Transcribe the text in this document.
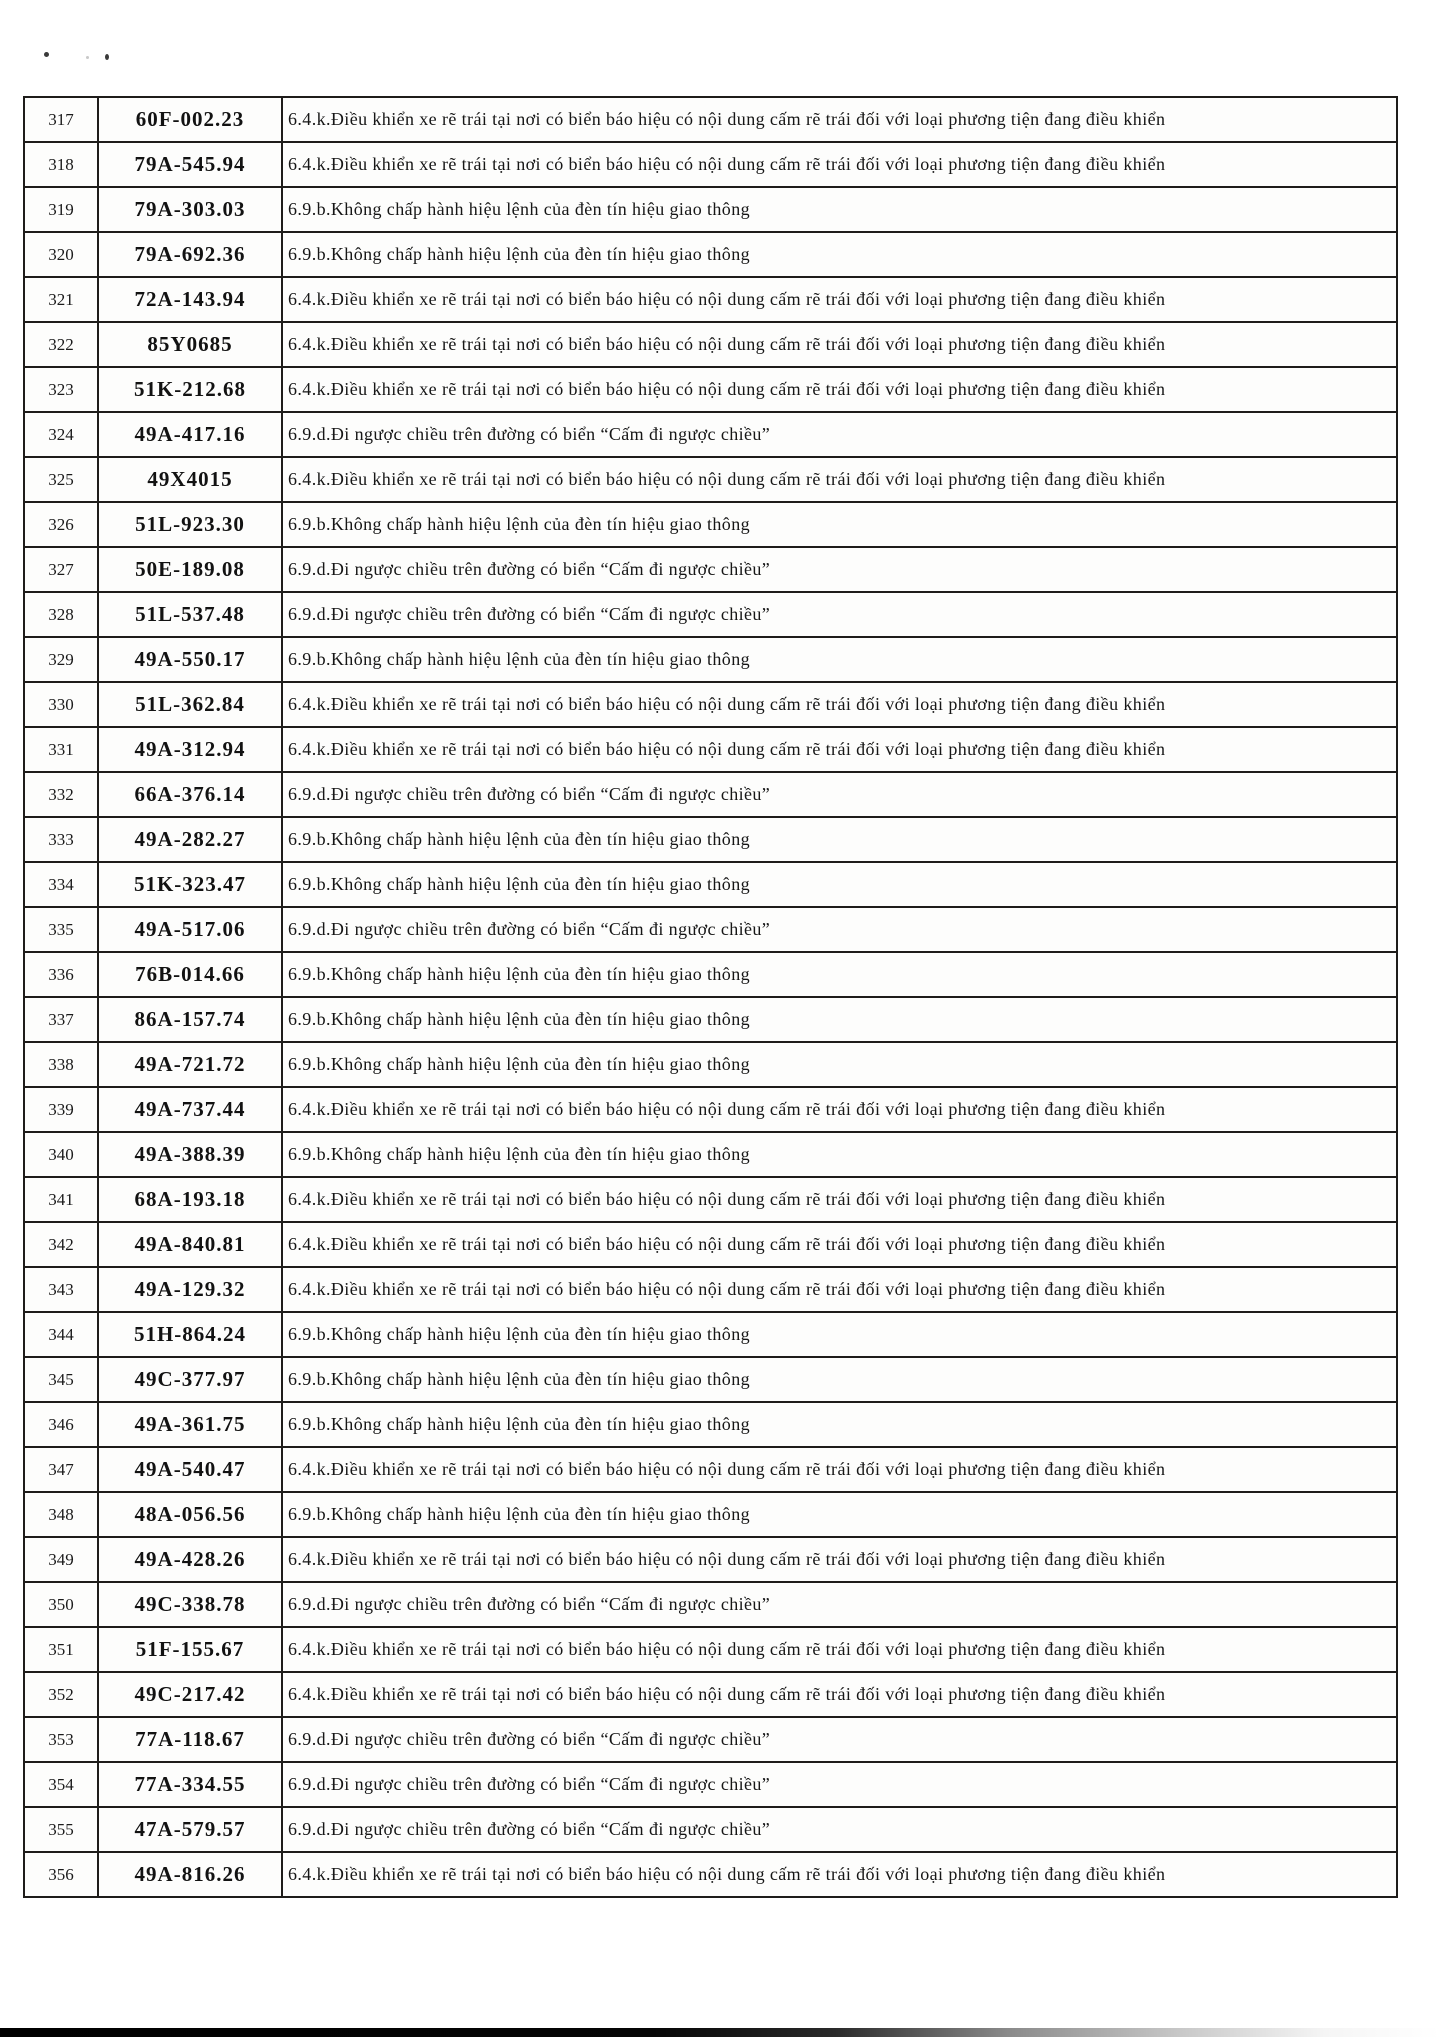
317	60F-002.23	6.4.k.Điều khiển xe rẽ trái tại nơi có biển báo hiệu có nội dung cấm rẽ trái đối với loại phương tiện đang điều khiển
318	79A-545.94	6.4.k.Điều khiển xe rẽ trái tại nơi có biển báo hiệu có nội dung cấm rẽ trái đối với loại phương tiện đang điều khiển
319	79A-303.03	6.9.b.Không chấp hành hiệu lệnh của đèn tín hiệu giao thông
320	79A-692.36	6.9.b.Không chấp hành hiệu lệnh của đèn tín hiệu giao thông
321	72A-143.94	6.4.k.Điều khiển xe rẽ trái tại nơi có biển báo hiệu có nội dung cấm rẽ trái đối với loại phương tiện đang điều khiển
322	85Y0685	6.4.k.Điều khiển xe rẽ trái tại nơi có biển báo hiệu có nội dung cấm rẽ trái đối với loại phương tiện đang điều khiển
323	51K-212.68	6.4.k.Điều khiển xe rẽ trái tại nơi có biển báo hiệu có nội dung cấm rẽ trái đối với loại phương tiện đang điều khiển
324	49A-417.16	6.9.d.Đi ngược chiều trên đường có biển “Cấm đi ngược chiều”
325	49X4015	6.4.k.Điều khiển xe rẽ trái tại nơi có biển báo hiệu có nội dung cấm rẽ trái đối với loại phương tiện đang điều khiển
326	51L-923.30	6.9.b.Không chấp hành hiệu lệnh của đèn tín hiệu giao thông
327	50E-189.08	6.9.d.Đi ngược chiều trên đường có biển “Cấm đi ngược chiều”
328	51L-537.48	6.9.d.Đi ngược chiều trên đường có biển “Cấm đi ngược chiều”
329	49A-550.17	6.9.b.Không chấp hành hiệu lệnh của đèn tín hiệu giao thông
330	51L-362.84	6.4.k.Điều khiển xe rẽ trái tại nơi có biển báo hiệu có nội dung cấm rẽ trái đối với loại phương tiện đang điều khiển
331	49A-312.94	6.4.k.Điều khiển xe rẽ trái tại nơi có biển báo hiệu có nội dung cấm rẽ trái đối với loại phương tiện đang điều khiển
332	66A-376.14	6.9.d.Đi ngược chiều trên đường có biển “Cấm đi ngược chiều”
333	49A-282.27	6.9.b.Không chấp hành hiệu lệnh của đèn tín hiệu giao thông
334	51K-323.47	6.9.b.Không chấp hành hiệu lệnh của đèn tín hiệu giao thông
335	49A-517.06	6.9.d.Đi ngược chiều trên đường có biển “Cấm đi ngược chiều”
336	76B-014.66	6.9.b.Không chấp hành hiệu lệnh của đèn tín hiệu giao thông
337	86A-157.74	6.9.b.Không chấp hành hiệu lệnh của đèn tín hiệu giao thông
338	49A-721.72	6.9.b.Không chấp hành hiệu lệnh của đèn tín hiệu giao thông
339	49A-737.44	6.4.k.Điều khiển xe rẽ trái tại nơi có biển báo hiệu có nội dung cấm rẽ trái đối với loại phương tiện đang điều khiển
340	49A-388.39	6.9.b.Không chấp hành hiệu lệnh của đèn tín hiệu giao thông
341	68A-193.18	6.4.k.Điều khiển xe rẽ trái tại nơi có biển báo hiệu có nội dung cấm rẽ trái đối với loại phương tiện đang điều khiển
342	49A-840.81	6.4.k.Điều khiển xe rẽ trái tại nơi có biển báo hiệu có nội dung cấm rẽ trái đối với loại phương tiện đang điều khiển
343	49A-129.32	6.4.k.Điều khiển xe rẽ trái tại nơi có biển báo hiệu có nội dung cấm rẽ trái đối với loại phương tiện đang điều khiển
344	51H-864.24	6.9.b.Không chấp hành hiệu lệnh của đèn tín hiệu giao thông
345	49C-377.97	6.9.b.Không chấp hành hiệu lệnh của đèn tín hiệu giao thông
346	49A-361.75	6.9.b.Không chấp hành hiệu lệnh của đèn tín hiệu giao thông
347	49A-540.47	6.4.k.Điều khiển xe rẽ trái tại nơi có biển báo hiệu có nội dung cấm rẽ trái đối với loại phương tiện đang điều khiển
348	48A-056.56	6.9.b.Không chấp hành hiệu lệnh của đèn tín hiệu giao thông
349	49A-428.26	6.4.k.Điều khiển xe rẽ trái tại nơi có biển báo hiệu có nội dung cấm rẽ trái đối với loại phương tiện đang điều khiển
350	49C-338.78	6.9.d.Đi ngược chiều trên đường có biển “Cấm đi ngược chiều”
351	51F-155.67	6.4.k.Điều khiển xe rẽ trái tại nơi có biển báo hiệu có nội dung cấm rẽ trái đối với loại phương tiện đang điều khiển
352	49C-217.42	6.4.k.Điều khiển xe rẽ trái tại nơi có biển báo hiệu có nội dung cấm rẽ trái đối với loại phương tiện đang điều khiển
353	77A-118.67	6.9.d.Đi ngược chiều trên đường có biển “Cấm đi ngược chiều”
354	77A-334.55	6.9.d.Đi ngược chiều trên đường có biển “Cấm đi ngược chiều”
355	47A-579.57	6.9.d.Đi ngược chiều trên đường có biển “Cấm đi ngược chiều”
356	49A-816.26	6.4.k.Điều khiển xe rẽ trái tại nơi có biển báo hiệu có nội dung cấm rẽ trái đối với loại phương tiện đang điều khiển
